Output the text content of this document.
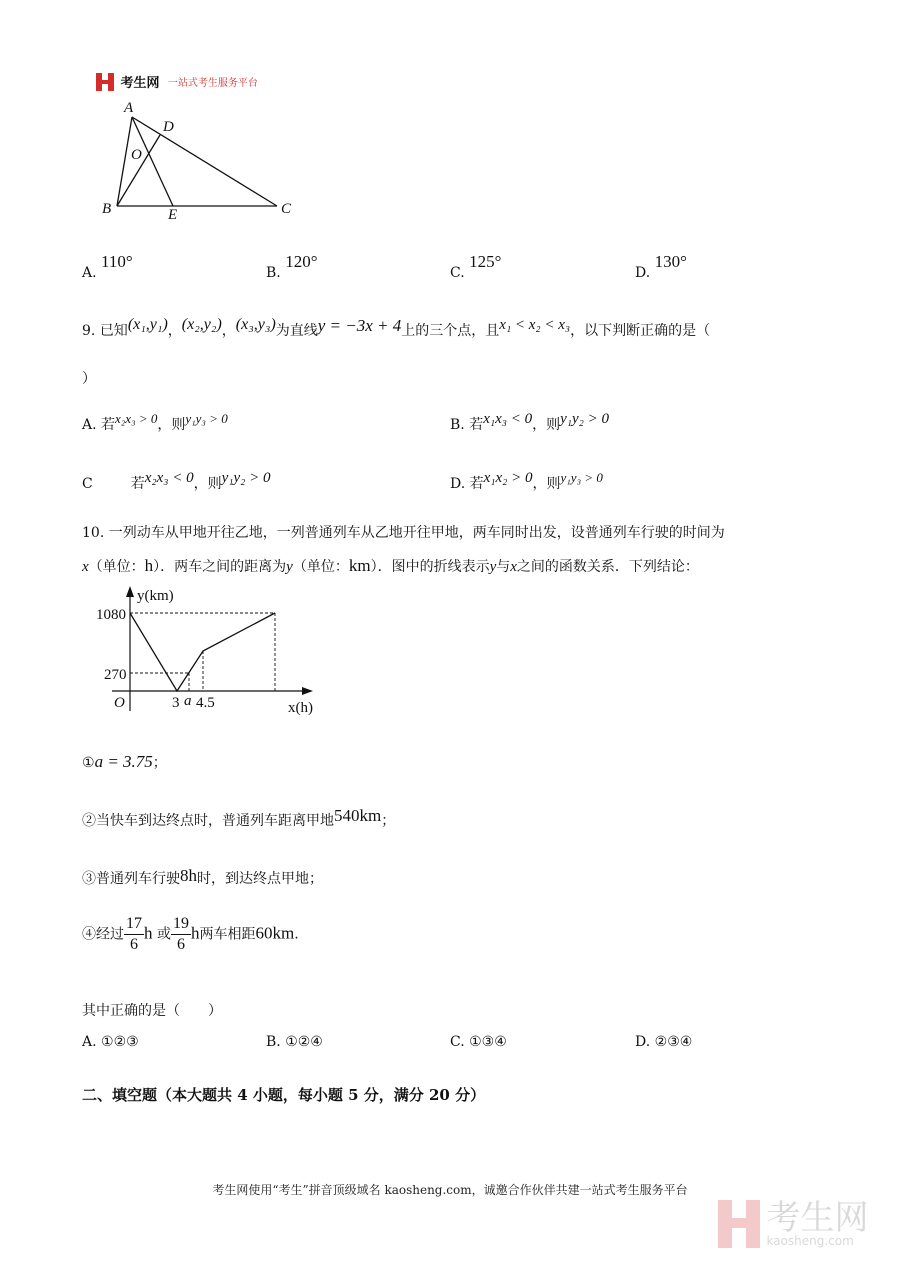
考生网 一站式考生服务平台
A
D
O
B	E	C
A. 110°
B. 120°
C. 125°
D. 130°
9. 已知(x₁,y₁)，(x₂,y₂)，(x₃,y₃)为直线y = −3x + 4上的三个点，且x₁ < x₂ < x₃，以下判断正确的是（
）
A. 若x₂x₃ > 0，则y₁y₃ > 0	B. 若x₁x₃ < 0，则y₁y₂ > 0
C	若x₂x₃ < 0，则y₁y₂ > 0	D. 若x₁x₂ > 0，则y₁y₃ > 0
10. 一列动车从甲地开往乙地，一列普通列车从乙地开往甲地，两车同时出发，设普通列车行驶的时间为
x（单位：h）．两车之间的距离为y（单位：km）．图中的折线表示y与x之间的函数关系．下列结论：
y(km)
1080
270
O	3 a 4.5	x(h)
①a = 3.75；
②当快车到达终点时，普通列车距离甲地540km；
③普通列车行驶8h时，到达终点甲地；
④经过 $\frac{17}{6}$ h 或 $\frac{19}{6}$ h两车相距60km.
其中正确的是（　　）
A. ①②③	B. ①②④	C. ①③④	D. ②③④
二、填空题（本大题共 4 小题，每小题 5 分，满分 20 分）
考生网使用“考生”拼音顶级域名 kaosheng.com，诚邀合作伙伴共建一站式考生服务平台

考生网
kaosheng.com
